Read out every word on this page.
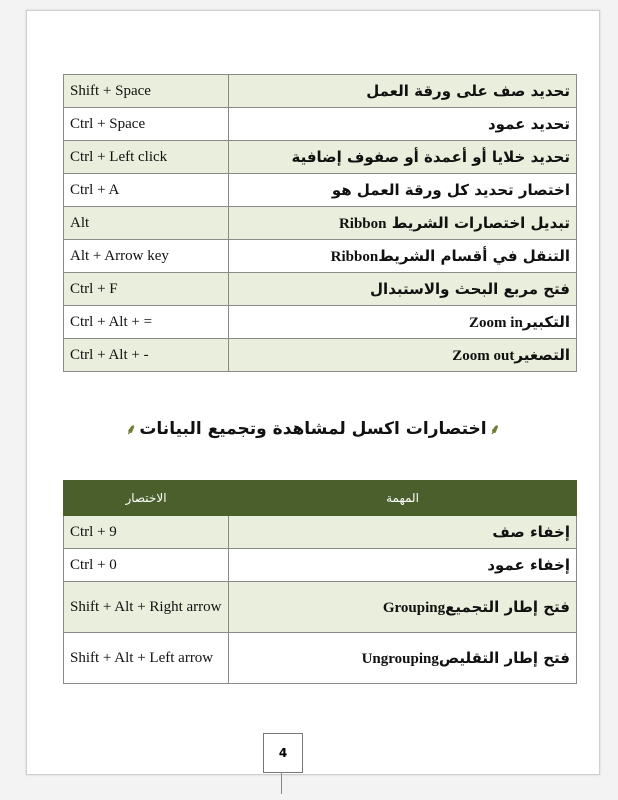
Shift + Space	تحديد صف على ورقة العمل
Ctrl + Space	تحديد عمود
Ctrl + Left click	تحديد خلايا أو أعمدة أو صفوف إضافية
Ctrl + A	اختصار تحديد كل ورقة العمل هو
Alt	تبديل اختصارات الشريط Ribbon
Alt + Arrow key	التنقل في أقسام الشريطRibbon
Ctrl + F	فتح مربع البحث والاستبدال
Ctrl + Alt + =	التكبيرZoom in
Ctrl + Alt + -	التصغيرZoom out
⸙اختصارات اكسل لمشاهدة وتجميع البيانات⸙
الاختصار	المهمة
Ctrl + 9	إخفاء صف
Ctrl + 0	إخفاء عمود
Shift + Alt + Right arrow	فتح إطار التجميعGrouping
Shift + Alt + Left arrow	فتح إطار التقليصUngrouping
4
